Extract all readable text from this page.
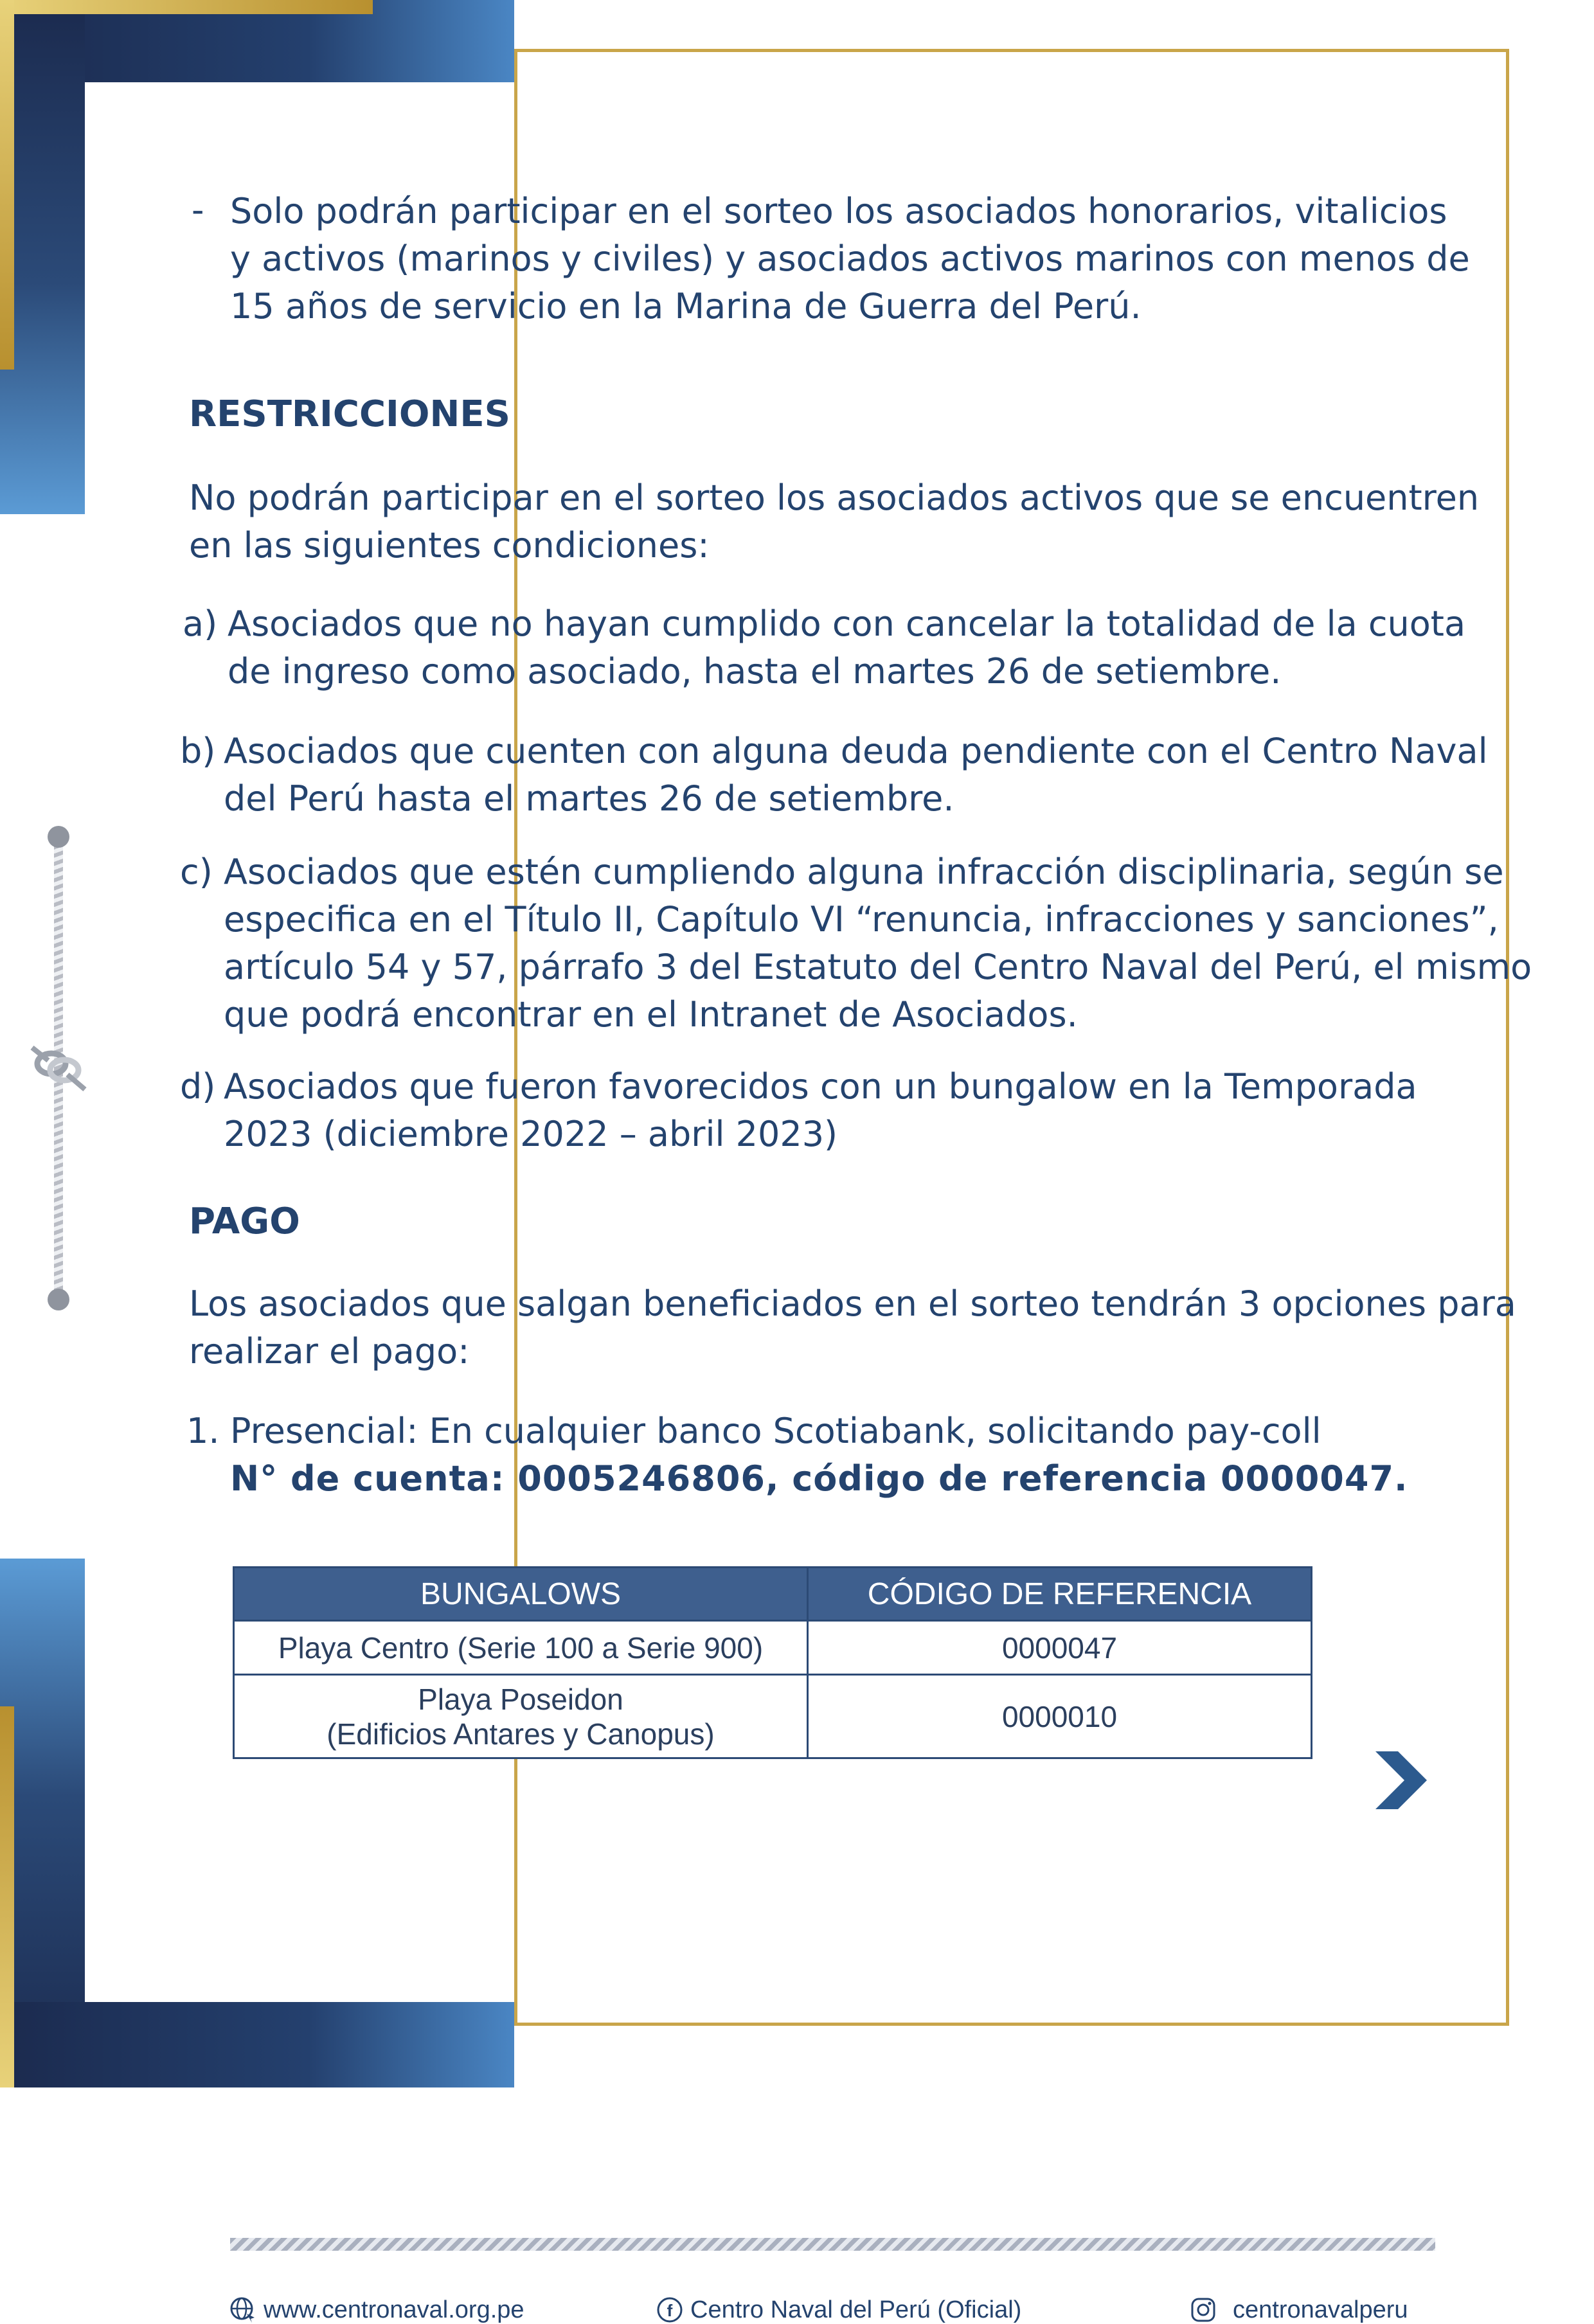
- Solo podrán participar en el sorteo los asociados honorarios, vitalicios
y activos (marinos y civiles) y asociados activos marinos con menos de
15 años de servicio en la Marina de Guerra del Perú.
RESTRICCIONES
No podrán participar en el sorteo los asociados activos que se encuentren
en las siguientes condiciones:
a) Asociados que no hayan cumplido con cancelar la totalidad de la cuota
de ingreso como asociado, hasta el martes 26 de setiembre.
b) Asociados que cuenten con alguna deuda pendiente con el Centro Naval
del Perú hasta el martes 26 de setiembre.
c) Asociados que estén cumpliendo alguna infracción disciplinaria, según se
especifica en el Título II, Capítulo VI “renuncia, infracciones y sanciones”,
artículo 54 y 57, párrafo 3 del Estatuto del Centro Naval del Perú, el mismo
que podrá encontrar en el Intranet de Asociados.
d) Asociados que fueron favorecidos con un bungalow en la Temporada
2023 (diciembre 2022 – abril 2023)
PAGO
Los asociados que salgan beneficiados en el sorteo tendrán 3 opciones para
realizar el pago:
1. Presencial: En cualquier banco Scotiabank, solicitando pay-coll
N° de cuenta: 0005246806, código de referencia 0000047.
BUNGALOWS	CÓDIGO DE REFERENCIA

Playa Centro (Serie 100 a Serie 900)	0000047

Playa Poseidon
(Edificios Antares y Canopus)	0000010
www.centronaval.org.pe	f Centro Naval del Perú (Oficial)	centronavalperu
